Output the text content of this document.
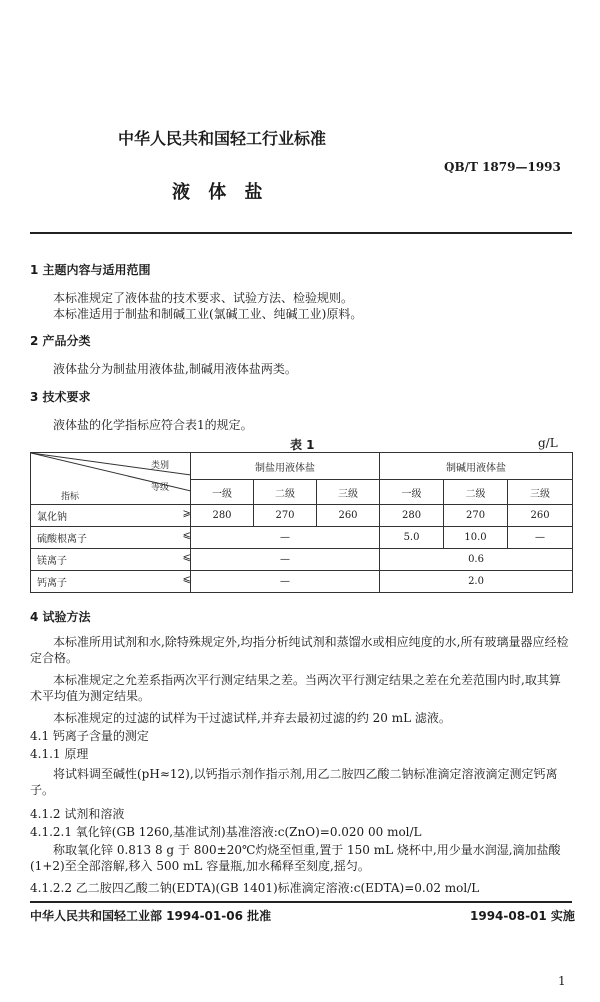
中华人民共和国轻工行业标准
QB/T 1879—1993
液 体 盐
1 主题内容与适用范围
本标准规定了液体盐的技术要求、试验方法、检验规则。
本标准适用于制盐和制碱工业(氯碱工业、纯碱工业)原料。
2 产品分类
液体盐分为制盐用液体盐,制碱用液体盐两类。
3 技术要求
液体盐的化学指标应符合表1的规定。
表 1	g/L
类别
等级
指标	制盐用液体盐			制碱用液体盐		
	一级	二级	三级	一级	二级	三级
氯化钠 ⩾	280	270	260	280	270	260
硫酸根离子 ⩽	—			5.0	10.0	—
镁离子 ⩽	—			0.6		
钙离子 ⩽	—			2.0		
4 试验方法
本标准所用试剂和水,除特殊规定外,均指分析纯试剂和蒸馏水或相应纯度的水,所有玻璃量器应经检定合格。
本标准规定之允差系指两次平行测定结果之差。当两次平行测定结果之差在允差范围内时,取其算术平均值为测定结果。
本标准规定的过滤的试样为干过滤试样,并弃去最初过滤的约 20 mL 滤液。
4.1 钙离子含量的测定
4.1.1 原理
将试料调至碱性(pH≈12),以钙指示剂作指示剂,用乙二胺四乙酸二钠标准滴定溶液滴定测定钙离子。
4.1.2 试剂和溶液
4.1.2.1 氧化锌(GB 1260,基准试剂)基准溶液:c(ZnO)=0.020 00 mol/L
称取氧化锌 0.813 8 g 于 800±20℃灼烧至恒重,置于 150 mL 烧杯中,用少量水润湿,滴加盐酸(1+2)至全部溶解,移入 500 mL 容量瓶,加水稀释至刻度,摇匀。
4.1.2.2 乙二胺四乙酸二钠(EDTA)(GB 1401)标准滴定溶液:c(EDTA)=0.02 mol/L
中华人民共和国轻工业部 1994-01-06 批准	1994-08-01 实施
1
